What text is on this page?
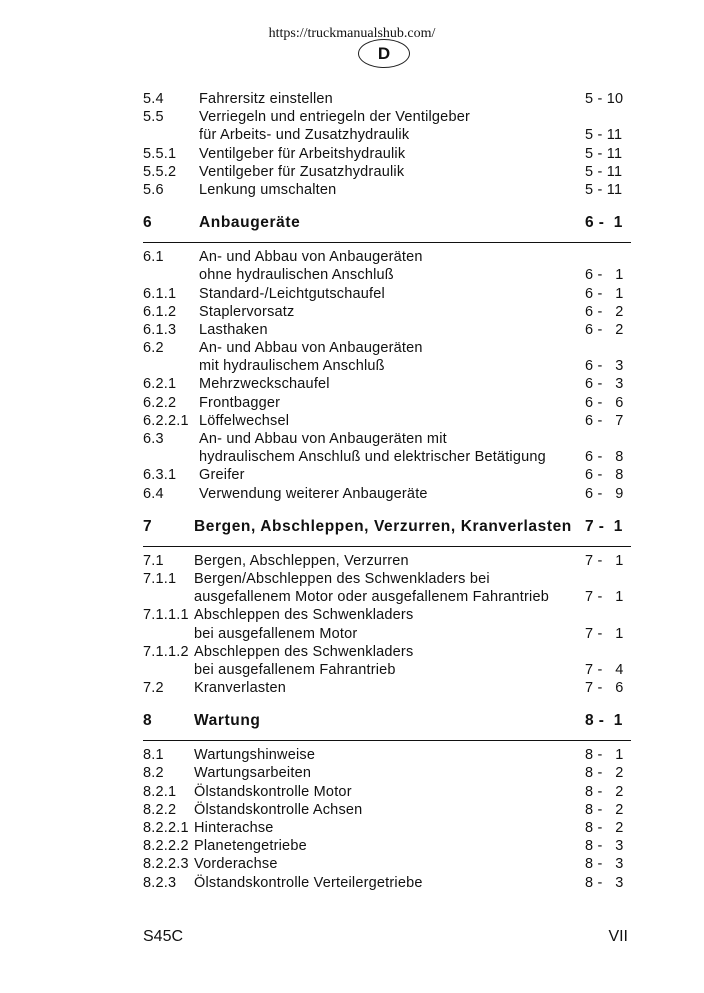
https://truckmanualshub.com/
D
5.4 Fahrersitz einstellen	5 - 10
5.5 Verriegeln und entriegeln der Ventilgeber
für Arbeits- und Zusatzhydraulik	5 - 11
5.5.1 Ventilgeber für Arbeitshydraulik	5 - 11
5.5.2 Ventilgeber für Zusatzhydraulik	5 - 11
5.6 Lenkung umschalten	5 - 11
6	Anbaugeräte	6 -  1
6.1 An- und Abbau von Anbaugeräten
ohne hydraulischen Anschluß	6 -   1
6.1.1 Standard-/Leichtgutschaufel	6 -   1
6.1.2 Staplervorsatz	6 -   2
6.1.3 Lasthaken	6 -   2
6.2 An- und Abbau von Anbaugeräten
mit hydraulischem Anschluß	6 -   3
6.2.1 Mehrzweckschaufel	6 -   3
6.2.2 Frontbagger	6 -   6
6.2.2.1 Löffelwechsel	6 -   7
6.3 An- und Abbau von Anbaugeräten mit
hydraulischem Anschluß und elektrischer Betätigung	6 -   8
6.3.1 Greifer	6 -   8
6.4 Verwendung weiterer Anbaugeräte	6 -   9
7	Bergen, Abschleppen, Verzurren, Kranverlasten 7 -  1
7.1 Bergen, Abschleppen, Verzurren	7 -   1
7.1.1 Bergen/Abschleppen des Schwenkladers bei
ausgefallenem Motor oder ausgefallenem Fahrantrieb 7 -   1
7.1.1.1 Abschleppen des Schwenkladers
bei ausgefallenem Motor	7 -   1
7.1.1.2 Abschleppen des Schwenkladers
bei ausgefallenem Fahrantrieb	7 -   4
7.2 Kranverlasten	7 -   6
8	Wartung	8 -  1
8.1 Wartungshinweise	8 -   1
8.2 Wartungsarbeiten	8 -   2
8.2.1 Ölstandskontrolle Motor	8 -   2
8.2.2 Ölstandskontrolle Achsen	8 -   2
8.2.2.1 Hinterachse	8 -   2
8.2.2.2 Planetengetriebe	8 -   3
8.2.2.3 Vorderachse	8 -   3
8.2.3 Ölstandskontrolle Verteilergetriebe	8 -   3
S45C	VII
